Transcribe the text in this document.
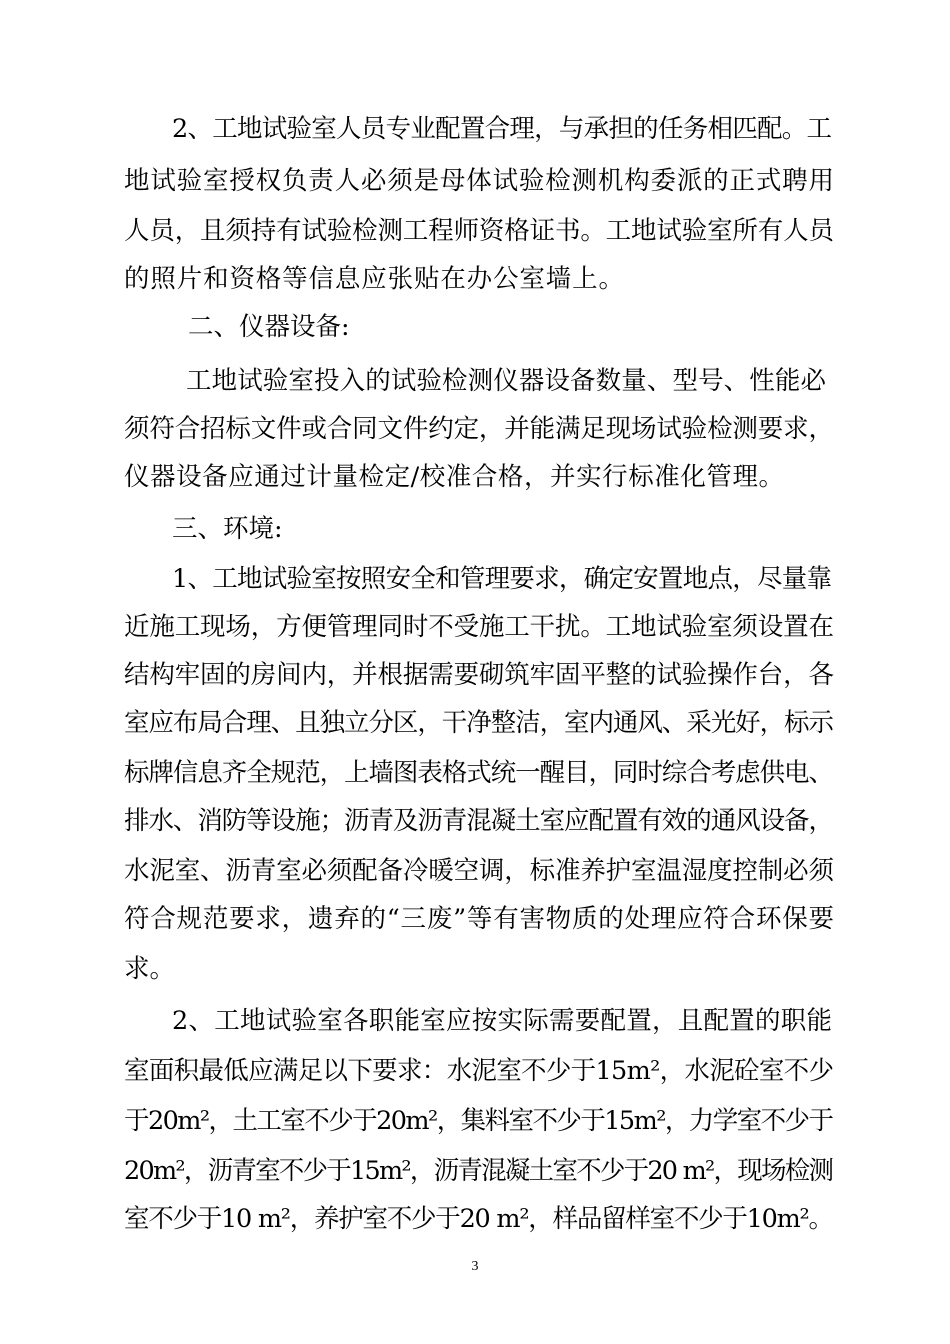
2、工地试验室人员专业配置合理，与承担的任务相匹配。工
地试验室授权负责人必须是母体试验检测机构委派的正式聘用
人员，且须持有试验检测工程师资格证书。工地试验室所有人员
的照片和资格等信息应张贴在办公室墙上。
二、仪器设备:
工地试验室投入的试验检测仪器设备数量、型号、性能必
须符合招标文件或合同文件约定，并能满足现场试验检测要求，
仪器设备应通过计量检定/校准合格，并实行标准化管理。
三、环境:
1、工地试验室按照安全和管理要求，确定安置地点，尽量靠
近施工现场，方便管理同时不受施工干扰。工地试验室须设置在
结构牢固的房间内，并根据需要砌筑牢固平整的试验操作台，各
室应布局合理、且独立分区，干净整洁，室内通风、采光好，标示
标牌信息齐全规范，上墙图表格式统一醒目，同时综合考虑供电、
排水、消防等设施；沥青及沥青混凝土室应配置有效的通风设备，
水泥室、沥青室必须配备冷暖空调，标准养护室温湿度控制必须
符合规范要求，遗弃的“三废”等有害物质的处理应符合环保要
求。
2、工地试验室各职能室应按实际需要配置，且配置的职能
室面积最低应满足以下要求：水泥室不少于15m²，水泥砼室不少
于20m²，土工室不少于20m²，集料室不少于15m²，力学室不少于
20m²，沥青室不少于15m²，沥青混凝土室不少于20 m²，现场检测
室不少于10 m²，养护室不少于20 m²，样品留样室不少于10m²。
3
